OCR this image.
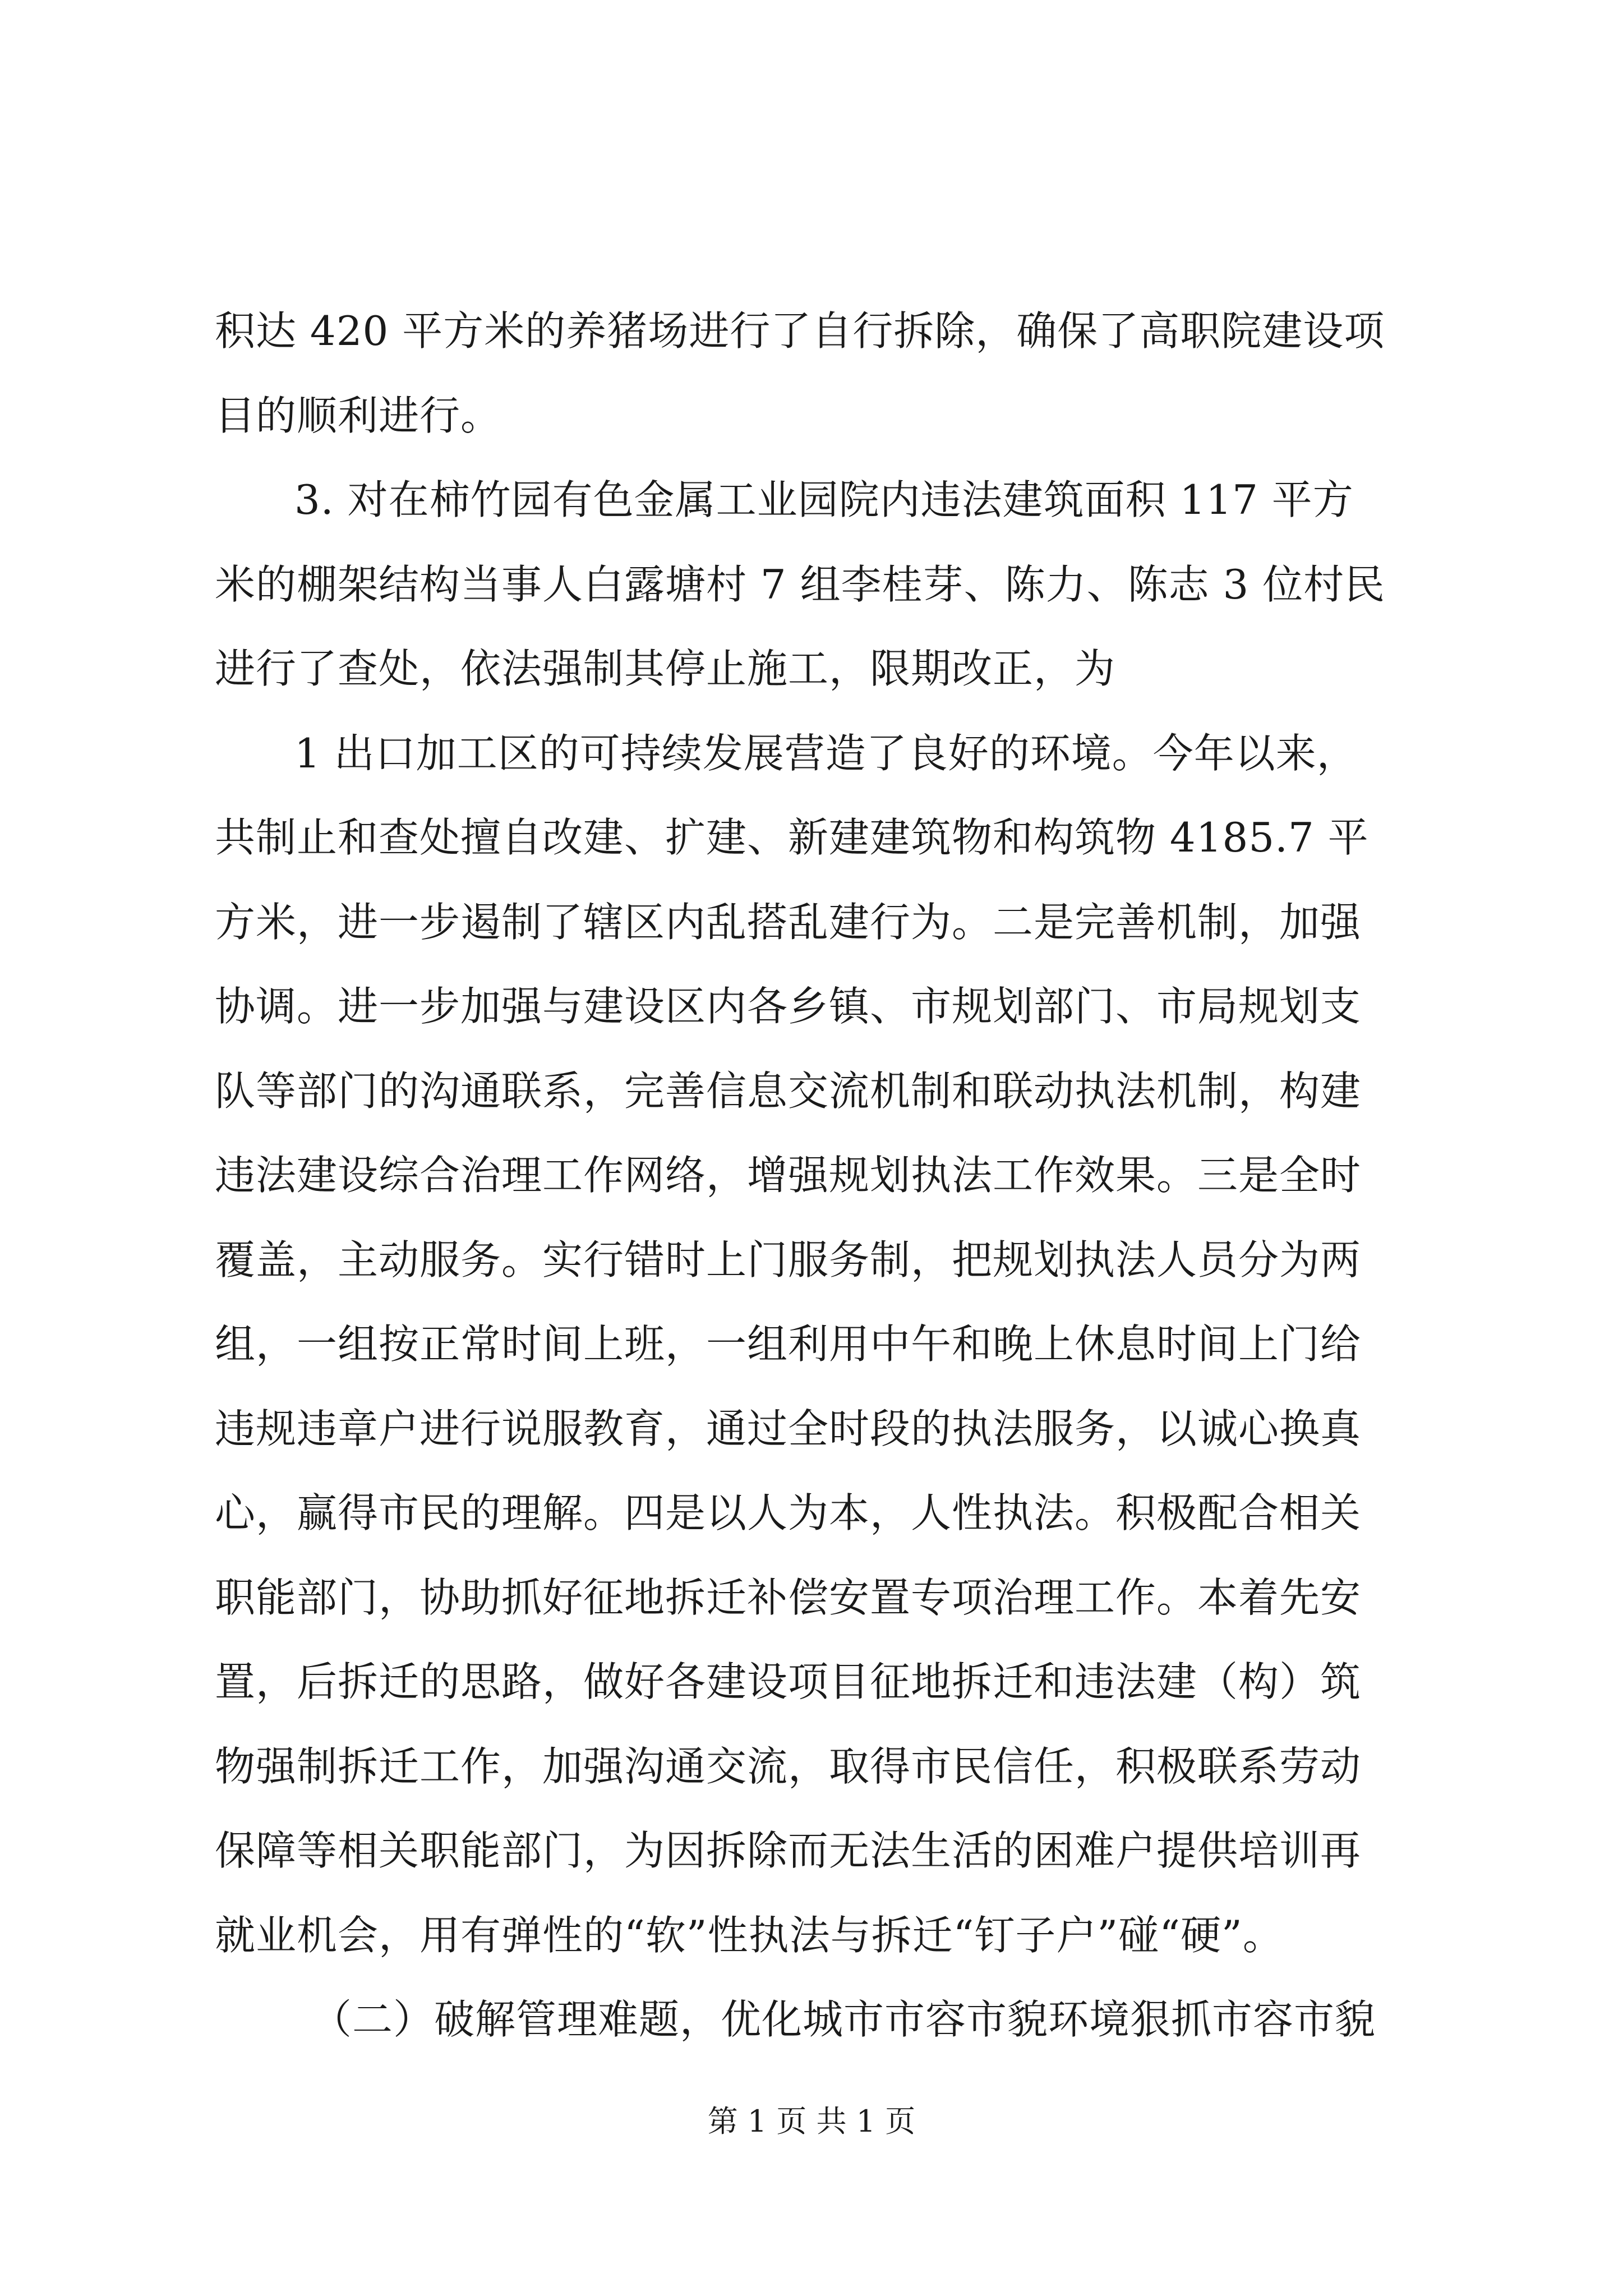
积达 420 平方米的养猪场进行了自行拆除，确保了高职院建设项
目的顺利进行。
3. 对在柿竹园有色金属工业园院内违法建筑面积 117 平方
米的棚架结构当事人白露塘村 7 组李桂芽、陈力、陈志 3 位村民
进行了查处，依法强制其停止施工，限期改正，为
1 出口加工区的可持续发展营造了良好的环境。今年以来，
共制止和查处擅自改建、扩建、新建建筑物和构筑物 4185.7 平
方米，进一步遏制了辖区内乱搭乱建行为。二是完善机制，加强
协调。进一步加强与建设区内各乡镇、市规划部门、市局规划支
队等部门的沟通联系，完善信息交流机制和联动执法机制，构建
违法建设综合治理工作网络，增强规划执法工作效果。三是全时
覆盖，主动服务。实行错时上门服务制，把规划执法人员分为两
组，一组按正常时间上班，一组利用中午和晚上休息时间上门给
违规违章户进行说服教育，通过全时段的执法服务，以诚心换真
心，赢得市民的理解。四是以人为本，人性执法。积极配合相关
职能部门，协助抓好征地拆迁补偿安置专项治理工作。本着先安
置，后拆迁的思路，做好各建设项目征地拆迁和违法建（构）筑
物强制拆迁工作，加强沟通交流，取得市民信任，积极联系劳动
保障等相关职能部门，为因拆除而无法生活的困难户提供培训再
就业机会，用有弹性的“软”性执法与拆迁“钉子户”碰“硬”。
（二）破解管理难题，优化城市市容市貌环境狠抓市容市貌
第 1 页 共 1 页
